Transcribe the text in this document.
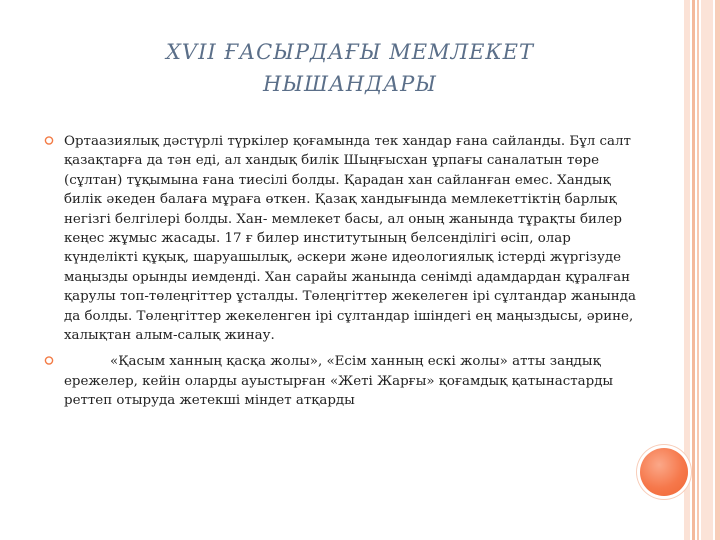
XVII ҒАСЫРДАҒЫ МЕМЛЕКЕТ
НЫШАНДАРЫ

Ортаазиялық дәстүрлі түркілер қоғамында тек хандар ғана сайланды. Бұл салт қазақтарға да тән еді, ал хандық билік Шыңғысхан ұрпағы саналатын төре (сұлтан) тұқымына ғана тиесілі болды. Қарадан хан сайланған емес. Хандық билік әкеден балаға мұраға өткен. Қазақ хандығында мемлекеттіктің барлық негізгі белгілері болды. Хан- мемлекет басы, ал оның жанында тұрақты билер кеңес жұмыс жасады. 17 ғ билер институтының белсенділігі өсіп, олар күнделікті құқық, шаруашылық, әскери және идеологиялық істерді жүргізуде маңызды орынды иемденді. Хан сарайы жанында сенімді адамдардан құралған қарулы топ-төлеңгіттер ұсталды. Төлеңгіттер жекелеген ірі сұлтандар жанында да болды. Төлеңгіттер жекеленген ірі сұлтандар ішіндегі ең маңыздысы, әрине, халықтан алым-салық жинау.

«Қасым ханның қасқа жолы», «Есім ханның ескі жолы» атты заңдық ережелер, кейін оларды ауыстырған «Жеті Жарғы» қоғамдық қатынастарды реттеп отыруда жетекші міндет атқарды
